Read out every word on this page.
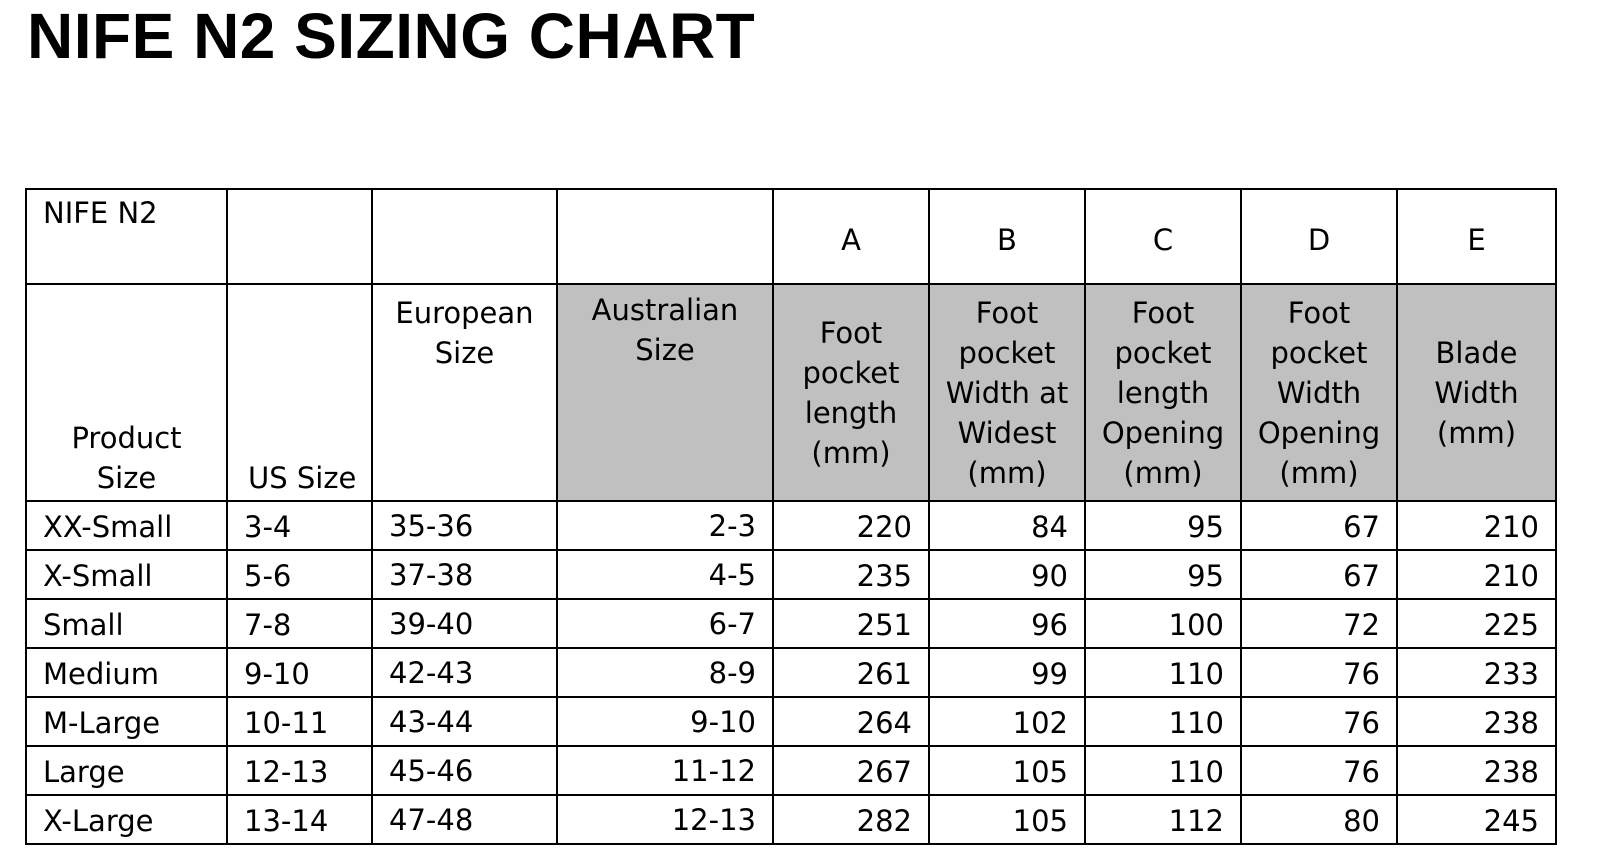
NIFE N2 SIZING CHART
NIFE N2				A	B	C	D	E
Product Size	US Size	European Size	Australian Size	Foot pocket length (mm)	Foot pocket Width at Widest (mm)	Foot pocket length Opening (mm)	Foot pocket Width Opening (mm)	Blade Width (mm)
XX-Small	3-4	35-36	2-3	220	84	95	67	210
X-Small	5-6	37-38	4-5	235	90	95	67	210
Small	7-8	39-40	6-7	251	96	100	72	225
Medium	9-10	42-43	8-9	261	99	110	76	233
M-Large	10-11	43-44	9-10	264	102	110	76	238
Large	12-13	45-46	11-12	267	105	110	76	238
X-Large	13-14	47-48	12-13	282	105	112	80	245
